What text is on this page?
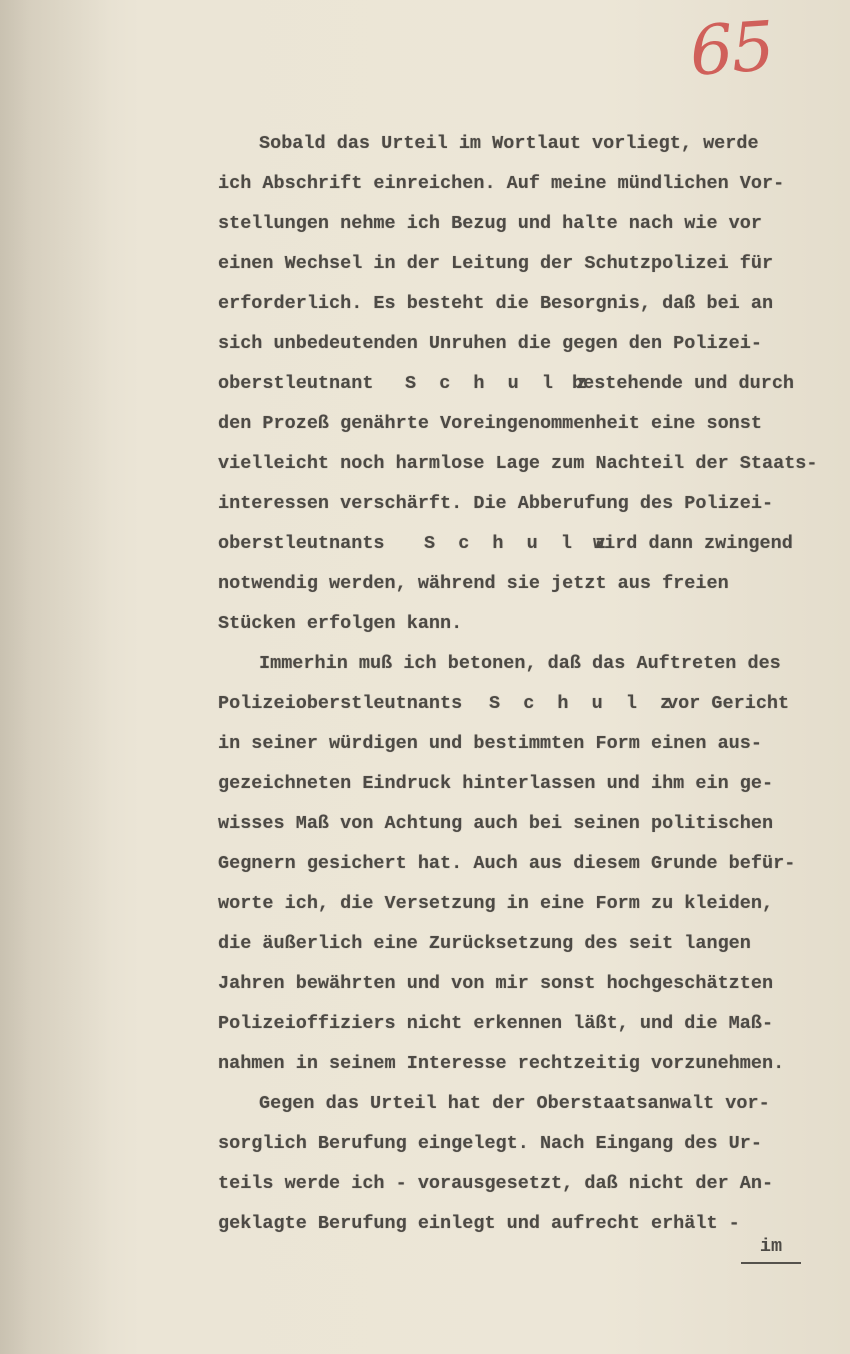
65
Sobald das Urteil im Wortlaut vorliegt, werde
ich Abschrift einreichen. Auf meine mündlichen Vor-
stellungen nehme ich Bezug und halte nach wie vor
einen Wechsel in der Leitung der Schutzpolizei für
erforderlich. Es besteht die Besorgnis, daß bei an
sich unbedeutenden Unruhen die gegen den Polizei-
oberstleutnant S c h u l z
bestehende und durch
den Prozeß genährte Voreingenommenheit eine sonst
vielleicht noch harmlose Lage zum Nachteil der Staats-
interessen verschärft. Die Abberufung des Polizei-
oberstleutnants S c h u l z
wird dann zwingend
notwendig werden, während sie jetzt aus freien
Stücken erfolgen kann.
Immerhin muß ich betonen, daß das Auftreten des
Polizeioberstleutnants S c h u l z
vor Gericht
in seiner würdigen und bestimmten Form einen aus-
gezeichneten Eindruck hinterlassen und ihm ein ge-
wisses Maß von Achtung auch bei seinen politischen
Gegnern gesichert hat. Auch aus diesem Grunde befür-
worte ich, die Versetzung in eine Form zu kleiden,
die äußerlich eine Zurücksetzung des seit langen
Jahren bewährten und von mir sonst hochgeschätzten
Polizeioffiziers nicht erkennen läßt, und die Maß-
nahmen in seinem Interesse rechtzeitig vorzunehmen.
Gegen das Urteil hat der Oberstaatsanwalt vor-
sorglich Berufung eingelegt. Nach Eingang des Ur-
teils werde ich - vorausgesetzt, daß nicht der An-
geklagte Berufung einlegt und aufrecht erhält -
im
